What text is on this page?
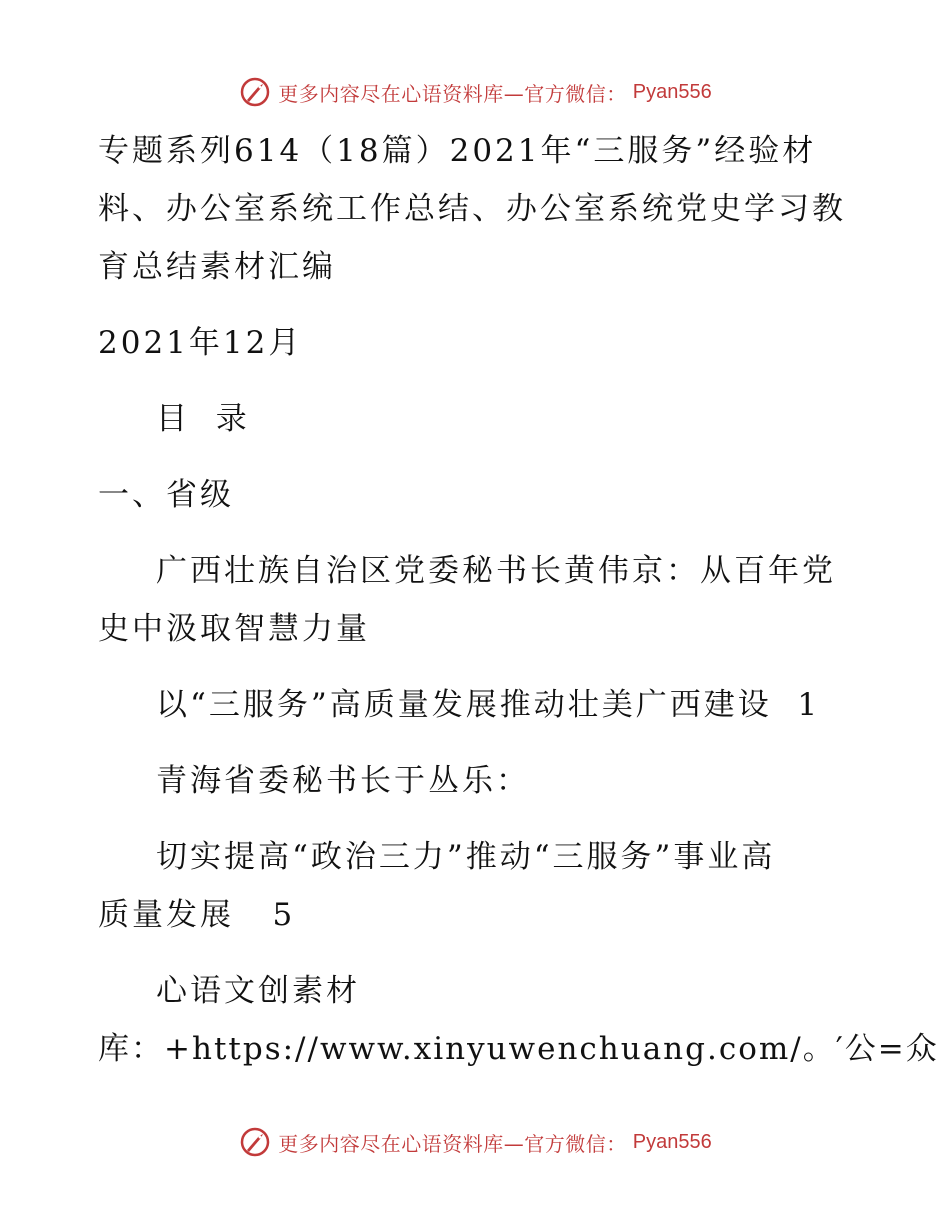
更多内容尽在心语资料库—官方微信： Pyan556
专题系列614（18篇）2021年“三服务”经验材
料、办公室系统工作总结、办公室系统党史学习教
育总结素材汇编
2021年12月
目  录
一、省级
广西壮族自治区党委秘书长黄伟京：从百年党
史中汲取智慧力量
以“三服务”高质量发展推动壮美广西建设  1
青海省委秘书长于丛乐：
切实提高“政治三力”推动“三服务”事业高
质量发展   5
心语文创素材
库：+https://www.xinyuwenchuang.com/。′公=众
更多内容尽在心语资料库—官方微信： Pyan556
